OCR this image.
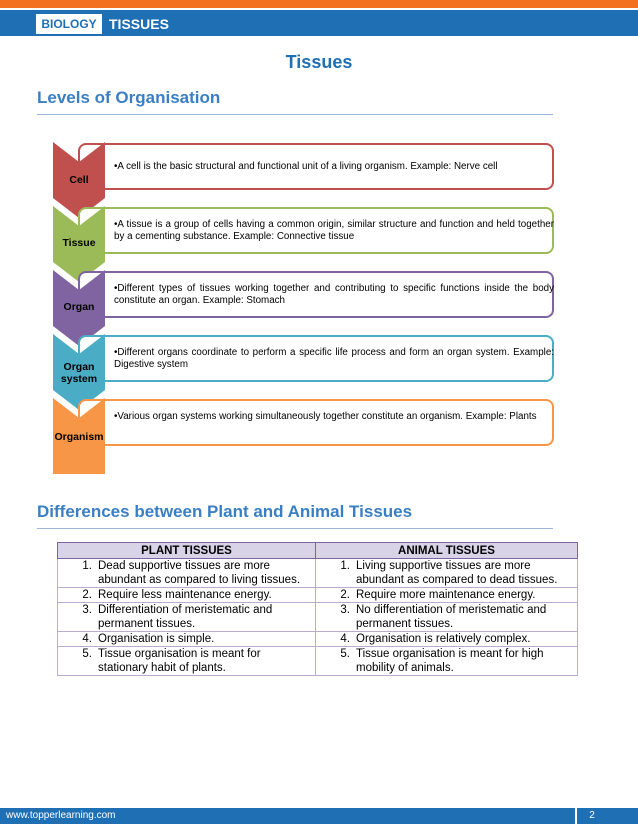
BIOLOGY TISSUES
Tissues
Levels of Organisation
•A cell is the basic structural and functional unit of a living organism. Example: Nerve cell
Cell
•A tissue is a group of cells having a common origin, similar structure and function and held together by a cementing substance. Example: Connective tissue
Tissue
•Different types of tissues working together and contributing to specific functions inside the body constitute an organ. Example: Stomach
Organ
•Different organs coordinate to perform a specific life process and form an organ system. Example: Digestive system
Organ system
•Various organ systems working simultaneously together constitute an organism. Example: Plants
Organism
Differences between Plant and Animal Tissues
PLANT TISSUES	ANIMAL TISSUES

1. Dead supportive tissues are more abundant as compared to living tissues.	1. Living supportive tissues are more abundant as compared to dead tissues.

2. Require less maintenance energy.	2. Require more maintenance energy.

3. Differentiation of meristematic and permanent tissues.	3. No differentiation of meristematic and permanent tissues.

4. Organisation is simple.	4. Organisation is relatively complex.

5. Tissue organisation is meant for stationary habit of plants.	5. Tissue organisation is meant for high mobility of animals.
www.topperlearning.com	2
